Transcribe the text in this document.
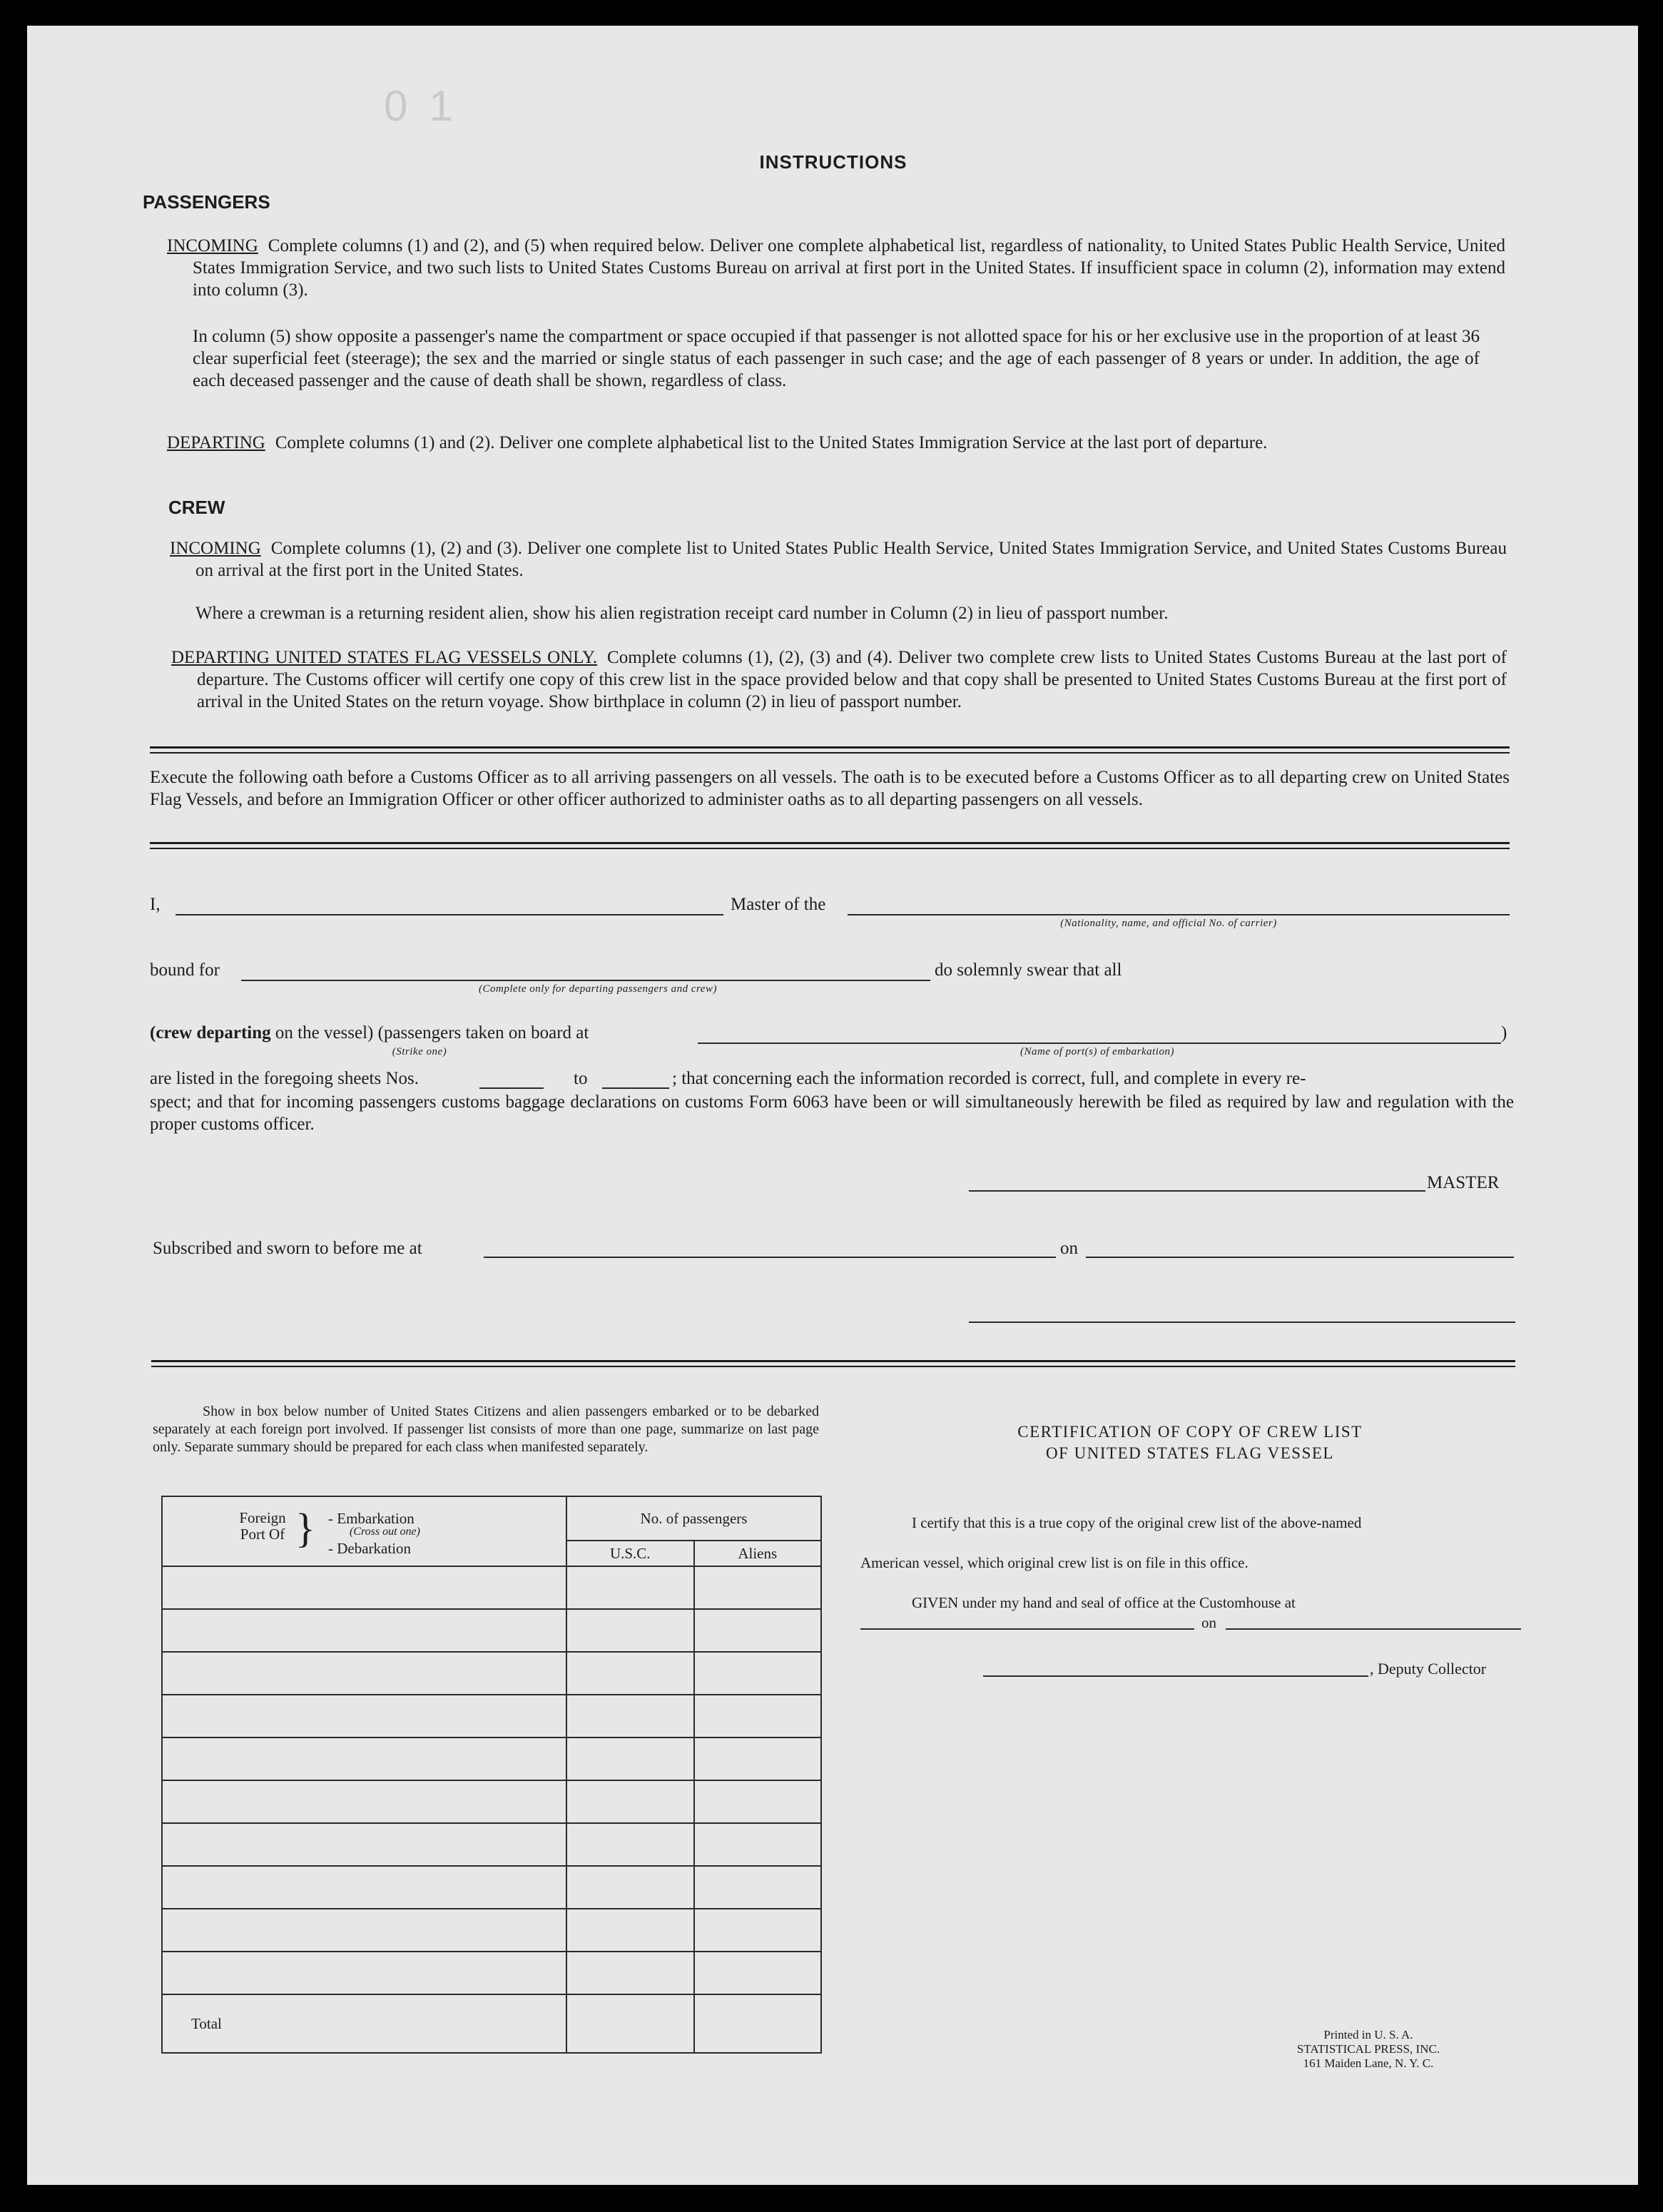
01
INSTRUCTIONS
PASSENGERS
INCOMING Complete columns (1) and (2), and (5) when required below. Deliver one complete alphabetical list, regardless of nationality, to United States Public Health Service, United States Immigration Service, and two such lists to United States Customs Bureau on arrival at first port in the United States. If insufficient space in column (2), information may extend into column (3).
In column (5) show opposite a passenger's name the compartment or space occupied if that passenger is not allotted space for his or her exclusive use in the proportion of at least 36 clear superficial feet (steerage); the sex and the married or single status of each passenger in such case; and the age of each passenger of 8 years or under. In addition, the age of each deceased passenger and the cause of death shall be shown, regardless of class.
DEPARTING Complete columns (1) and (2). Deliver one complete alphabetical list to the United States Immigration Service at the last port of departure.
CREW
INCOMING Complete columns (1), (2) and (3). Deliver one complete list to United States Public Health Service, United States Immigration Service, and United States Customs Bureau on arrival at the first port in the United States.
Where a crewman is a returning resident alien, show his alien registration receipt card number in Column (2) in lieu of passport number.
DEPARTING UNITED STATES FLAG VESSELS ONLY. Complete columns (1), (2), (3) and (4). Deliver two complete crew lists to United States Customs Bureau at the last port of departure. The Customs officer will certify one copy of this crew list in the space provided below and that copy shall be presented to United States Customs Bureau at the first port of arrival in the United States on the return voyage. Show birthplace in column (2) in lieu of passport number.
Execute the following oath before a Customs Officer as to all arriving passengers on all vessels. The oath is to be executed before a Customs Officer as to all departing crew on United States Flag Vessels, and before an Immigration Officer or other officer authorized to administer oaths as to all departing passengers on all vessels.
I,	Master of the
(Nationality, name, and official No. of carrier)
bound for
(Complete only for departing passengers and crew)
do solemnly swear that all
(crew departing on the vessel) (passengers taken on board at	)
(Strike one)	(Name of port(s) of embarkation)
are listed in the foregoing sheets Nos.	to	; that concerning each the information recorded is correct, full, and complete in every re-
spect; and that for incoming passengers customs baggage declarations on customs Form 6063 have been or will simultaneously herewith be filed as required by law and regulation with the proper customs officer.
MASTER
Subscribed and sworn to before me at	on
Show in box below number of United States Citizens and alien passengers embarked or to be debarked separately at each foreign port involved. If passenger list consists of more than one page, summarize on last page only. Separate summary should be prepared for each class when manifested separately.
Foreign Port Of } - Embarkation
(Cross out one)
- Debarkation	No. of passengers	
	U.S.C.	Aliens

Total		
CERTIFICATION OF COPY OF CREW LIST
OF UNITED STATES FLAG VESSEL
I certify that this is a true copy of the original crew list of the above-named
American vessel, which original crew list is on file in this office.
GIVEN under my hand and seal of office at the Customhouse at
on
, Deputy Collector
Printed in U. S. A.
STATISTICAL PRESS, INC.
161 Maiden Lane, N. Y. C.
